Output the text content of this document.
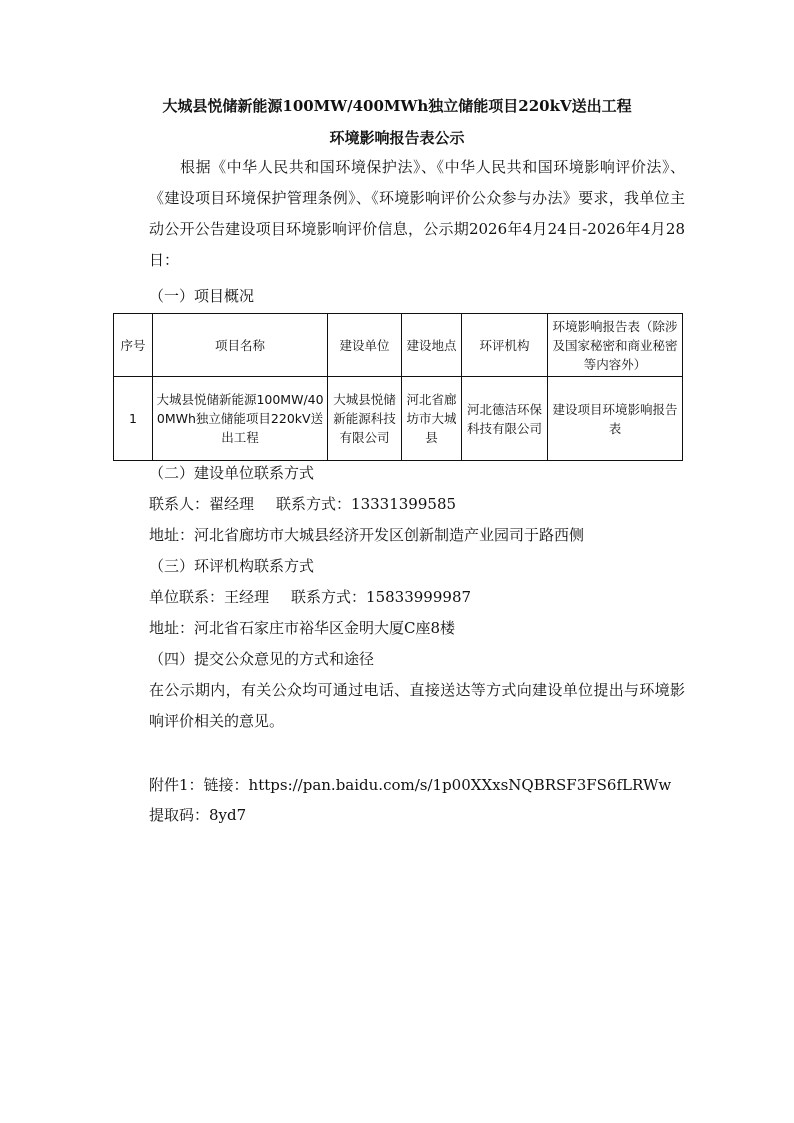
大城县悦储新能源100MW/400MWh独立储能项目220kV送出工程
环境影响报告表公示
　　根据《中华人民共和国环境保护法》、《中华人民共和国环境影响评价法》、《建设项目环境保护管理条例》、《环境影响评价公众参与办法》要求，我单位主动公开公告建设项目环境影响评价信息，公示期2026年4月24日-2026年4月28日：
（一）项目概况
序号	项目名称	建设单位	建设地点	环评机构	环境影响报告表（除涉及国家秘密和商业秘密等内容外）
1	大城县悦储新能源100MW/400MWh独立储能项目220kV送出工程	大城县悦储新能源科技有限公司	河北省廊坊市大城县	河北德洁环保科技有限公司	建设项目环境影响报告表
（二）建设单位联系方式
联系人：翟经理 联系方式：13331399585
地址：河北省廊坊市大城县经济开发区创新制造产业园司于路西侧
（三）环评机构联系方式
单位联系：王经理 联系方式：15833999987
地址：河北省石家庄市裕华区金明大厦C座8楼
（四）提交公众意见的方式和途径
在公示期内，有关公众均可通过电话、直接送达等方式向建设单位提出与环境影响评价相关的意见。
附件1：链接：https://pan.baidu.com/s/1p00XXxsNQBRSF3FS6fLRWw
提取码：8yd7
